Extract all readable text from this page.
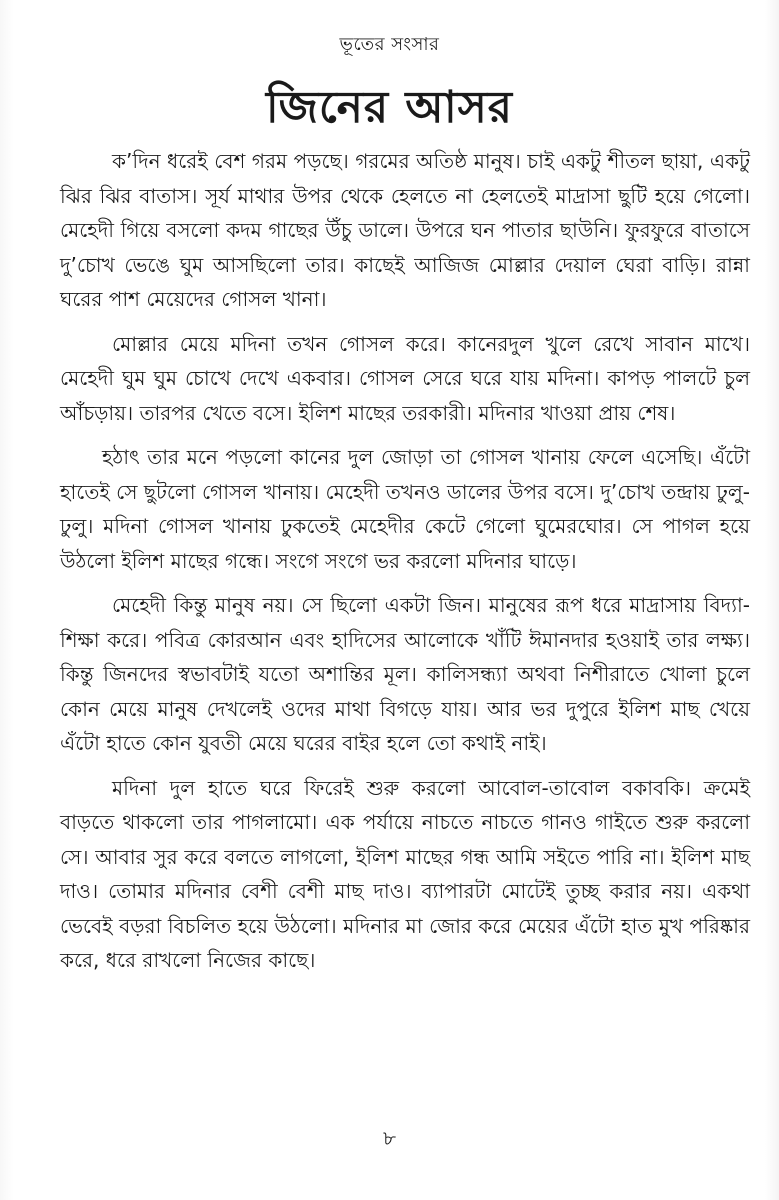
ভূতের সংসার
জিনের আসর

ক’দিন ধরেই বেশ গরম পড়ছে। গরমের অতিষ্ঠ মানুষ। চাই একটু শীতল ছায়া, একটু ঝির ঝির বাতাস। সূর্য মাথার উপর থেকে হেলতে না হেলতেই মাদ্রাসা ছুটি হয়ে গেলো। মেহেদী গিয়ে বসলো কদম গাছের উঁচু ডালে। উপরে ঘন পাতার ছাউনি। ফুরফুরে বাতাসে দু’চোখ ভেঙে ঘুম আসছিলো তার। কাছেই আজিজ মোল্লার দেয়াল ঘেরা বাড়ি। রান্না ঘরের পাশ মেয়েদের গোসল খানা।

মোল্লার মেয়ে মদিনা তখন গোসল করে। কানেরদুল খুলে রেখে সাবান মাখে। মেহেদী ঘুম ঘুম চোখে দেখে একবার। গোসল সেরে ঘরে যায় মদিনা। কাপড় পালটে চুল আঁচড়ায়। তারপর খেতে বসে। ইলিশ মাছের তরকারী। মদিনার খাওয়া প্রায় শেষ।

হঠাৎ তার মনে পড়লো কানের দুল জোড়া তা গোসল খানায় ফেলে এসেছি। এঁটো হাতেই সে ছুটলো গোসল খানায়। মেহেদী তখনও ডালের উপর বসে। দু’চোখ তন্দ্রায় ঢুলু- ঢুলু। মদিনা গোসল খানায় ঢুকতেই মেহেদীর কেটে গেলো ঘুমেরঘোর। সে পাগল হয়ে উঠলো ইলিশ মাছের গন্ধে। সংগে সংগে ভর করলো মদিনার ঘাড়ে।

মেহেদী কিন্তু মানুষ নয়। সে ছিলো একটা জিন। মানুষের রূপ ধরে মাদ্রাসায় বিদ্যা-শিক্ষা করে। পবিত্র কোরআন এবং হাদিসের আলোকে খাঁটি ঈমানদার হওয়াই তার লক্ষ্য। কিন্তু জিনদের স্বভাবটাই যতো অশান্তির মূল। কালিসন্ধ্যা অথবা নিশীরাতে খোলা চুলে কোন মেয়ে মানুষ দেখলেই ওদের মাথা বিগড়ে যায়। আর ভর দুপুরে ইলিশ মাছ খেয়ে এঁটো হাতে কোন যুবতী মেয়ে ঘরের বাইর হলে তো কথাই নাই।

মদিনা দুল হাতে ঘরে ফিরেই শুরু করলো আবোল-তাবোল বকাবকি। ক্রমেই বাড়তে থাকলো তার পাগলামো। এক পর্যায়ে নাচতে নাচতে গানও গাইতে শুরু করলো সে। আবার সুর করে বলতে লাগলো, ইলিশ মাছের গন্ধ আমি সইতে পারি না। ইলিশ মাছ দাও। তোমার মদিনার বেশী বেশী মাছ দাও। ব্যাপারটা মোটেই তুচ্ছ করার নয়। একথা ভেবেই বড়রা বিচলিত হয়ে উঠলো। মদিনার মা জোর করে মেয়ের এঁটো হাত মুখ পরিষ্কার করে, ধরে রাখলো নিজের কাছে।

৮
